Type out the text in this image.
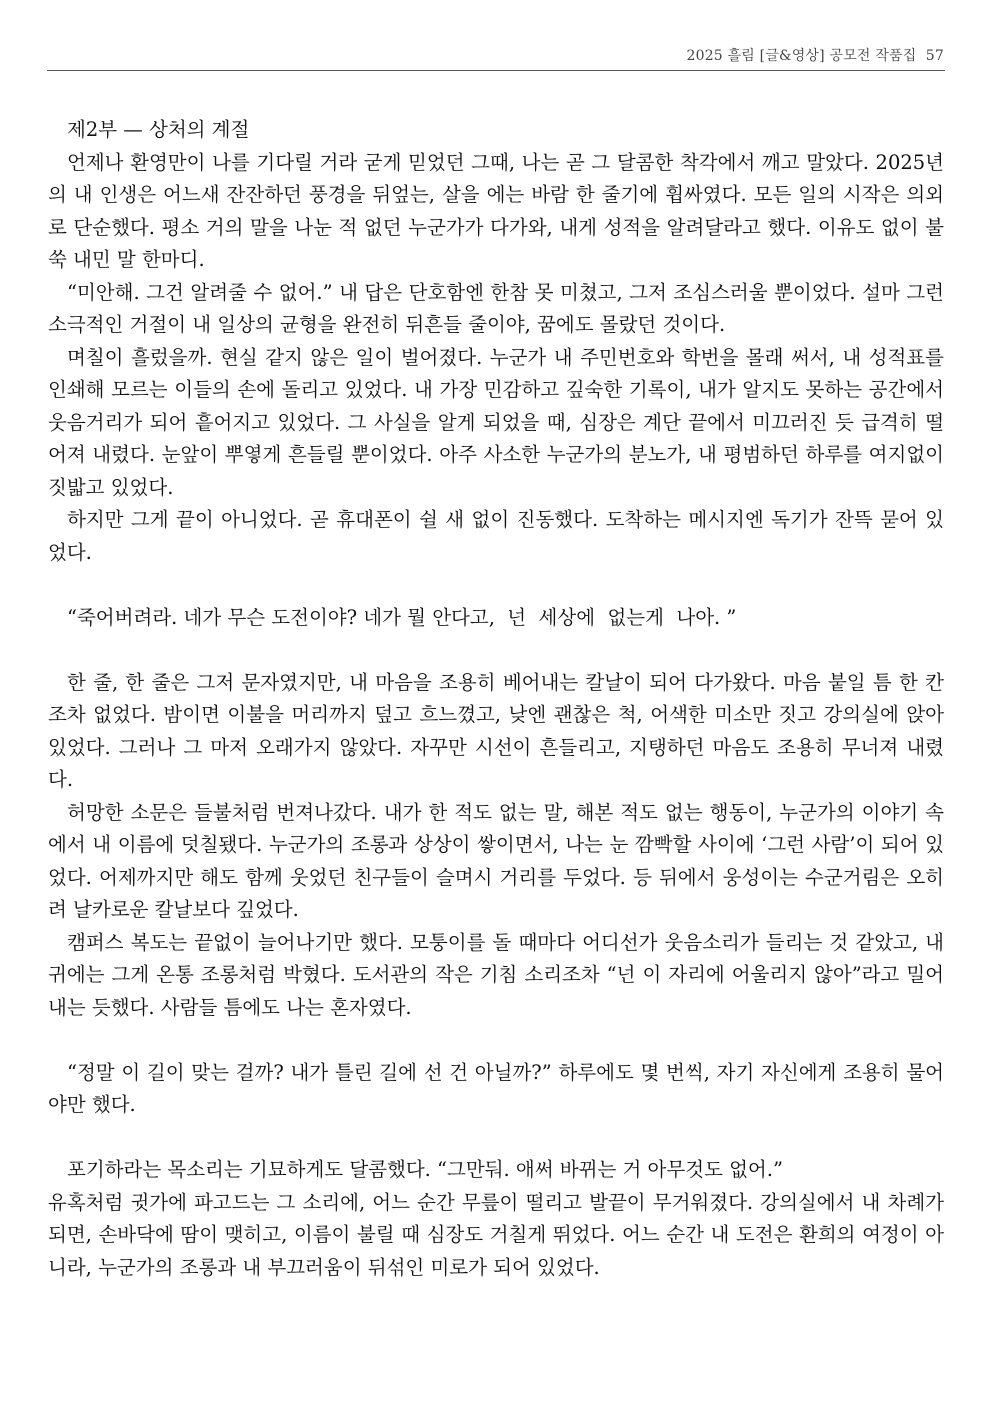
2025 흘림 [글&영상] 공모전 작품집 57

제2부 — 상처의 계절

언제나 환영만이 나를 기다릴 거라 굳게 믿었던 그때, 나는 곧 그 달콤한 착각에서 깨고 말았다. 2025년의 내 인생은 어느새 잔잔하던 풍경을 뒤엎는, 살을 에는 바람 한 줄기에 휩싸였다. 모든 일의 시작은 의외로 단순했다. 평소 거의 말을 나눈 적 없던 누군가가 다가와, 내게 성적을 알려달라고 했다. 이유도 없이 불쑥 내민 말 한마디.

“미안해. 그건 알려줄 수 없어.” 내 답은 단호함엔 한참 못 미쳤고, 그저 조심스러울 뿐이었다. 설마 그런 소극적인 거절이 내 일상의 균형을 완전히 뒤흔들 줄이야, 꿈에도 몰랐던 것이다.

며칠이 흘렀을까. 현실 같지 않은 일이 벌어졌다. 누군가 내 주민번호와 학번을 몰래 써서, 내 성적표를 인쇄해 모르는 이들의 손에 돌리고 있었다. 내 가장 민감하고 깊숙한 기록이, 내가 알지도 못하는 공간에서 웃음거리가 되어 흩어지고 있었다. 그 사실을 알게 되었을 때, 심장은 계단 끝에서 미끄러진 듯 급격히 떨어져 내렸다. 눈앞이 뿌옇게 흔들릴 뿐이었다. 아주 사소한 누군가의 분노가, 내 평범하던 하루를 여지없이 짓밟고 있었다.

하지만 그게 끝이 아니었다. 곧 휴대폰이 쉴 새 없이 진동했다. 도착하는 메시지엔 독기가 잔뜩 묻어 있었다.

“죽어버려라. 네가 무슨 도전이야? 네가 뭘 안다고,  넌  세상에  없는게  나아. ”

한 줄, 한 줄은 그저 문자였지만, 내 마음을 조용히 베어내는 칼날이 되어 다가왔다. 마음 붙일 틈 한 칸조차 없었다. 밤이면 이불을 머리까지 덮고 흐느꼈고, 낮엔 괜찮은 척, 어색한 미소만 짓고 강의실에 앉아 있었다. 그러나 그 마저 오래가지 않았다. 자꾸만 시선이 흔들리고, 지탱하던 마음도 조용히 무너져 내렸다.

허망한 소문은 들불처럼 번져나갔다. 내가 한 적도 없는 말, 해본 적도 없는 행동이, 누군가의 이야기 속에서 내 이름에 덧칠됐다. 누군가의 조롱과 상상이 쌓이면서, 나는 눈 깜빡할 사이에 ‘그런 사람’이 되어 있었다. 어제까지만 해도 함께 웃었던 친구들이 슬며시 거리를 두었다. 등 뒤에서 웅성이는 수군거림은 오히려 날카로운 칼날보다 깊었다.

캠퍼스 복도는 끝없이 늘어나기만 했다. 모퉁이를 돌 때마다 어디선가 웃음소리가 들리는 것 같았고, 내 귀에는 그게 온통 조롱처럼 박혔다. 도서관의 작은 기침 소리조차 “넌 이 자리에 어울리지 않아”라고 밀어내는 듯했다. 사람들 틈에도 나는 혼자였다.

“정말 이 길이 맞는 걸까? 내가 틀린 길에 선 건 아닐까?” 하루에도 몇 번씩, 자기 자신에게 조용히 물어야만 했다.

포기하라는 목소리는 기묘하게도 달콤했다. “그만둬. 애써 바뀌는 거 아무것도 없어.”

유혹처럼 귓가에 파고드는 그 소리에, 어느 순간 무릎이 떨리고 발끝이 무거워졌다. 강의실에서 내 차례가 되면, 손바닥에 땀이 맺히고, 이름이 불릴 때 심장도 거칠게 뛰었다. 어느 순간 내 도전은 환희의 여정이 아니라, 누군가의 조롱과 내 부끄러움이 뒤섞인 미로가 되어 있었다.
